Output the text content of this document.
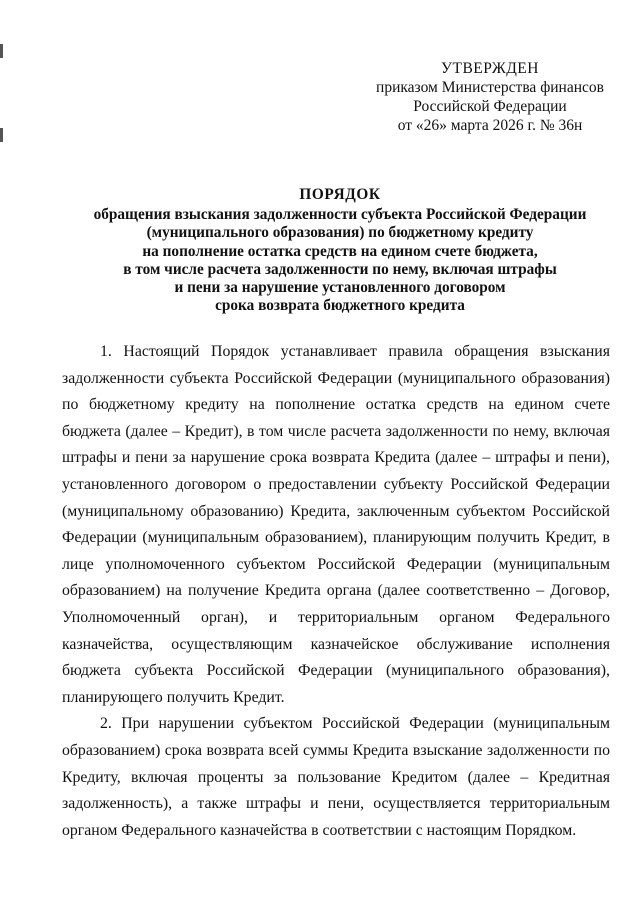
УТВЕРЖДЕН
приказом Министерства финансов
Российской Федерации
от «26» марта 2026 г. № 36н
ПОРЯДОК
обращения взыскания задолженности субъекта Российской Федерации
(муниципального образования) по бюджетному кредиту
на пополнение остатка средств на едином счете бюджета,
в том числе расчета задолженности по нему, включая штрафы
и пени за нарушение установленного договором
срока возврата бюджетного кредита

1. Настоящий Порядок устанавливает правила обращения взыскания задолженности субъекта Российской Федерации (муниципального образования) по бюджетному кредиту на пополнение остатка средств на едином счете бюджета (далее – Кредит), в том числе расчета задолженности по нему, включая штрафы и пени за нарушение срока возврата Кредита (далее – штрафы и пени), установленного договором о предоставлении субъекту Российской Федерации (муниципальному образованию) Кредита, заключенным субъектом Российской Федерации (муниципальным образованием), планирующим получить Кредит, в лице уполномоченного субъектом Российской Федерации (муниципальным образованием) на получение Кредита органа (далее соответственно – Договор, Уполномоченный орган), и территориальным органом Федерального казначейства, осуществляющим казначейское обслуживание исполнения бюджета субъекта Российской Федерации (муниципального образования), планирующего получить Кредит.

2. При нарушении субъектом Российской Федерации (муниципальным образованием) срока возврата всей суммы Кредита взыскание задолженности по Кредиту, включая проценты за пользование Кредитом (далее – Кредитная задолженность), а также штрафы и пени, осуществляется территориальным органом Федерального казначейства в соответствии с настоящим Порядком.
